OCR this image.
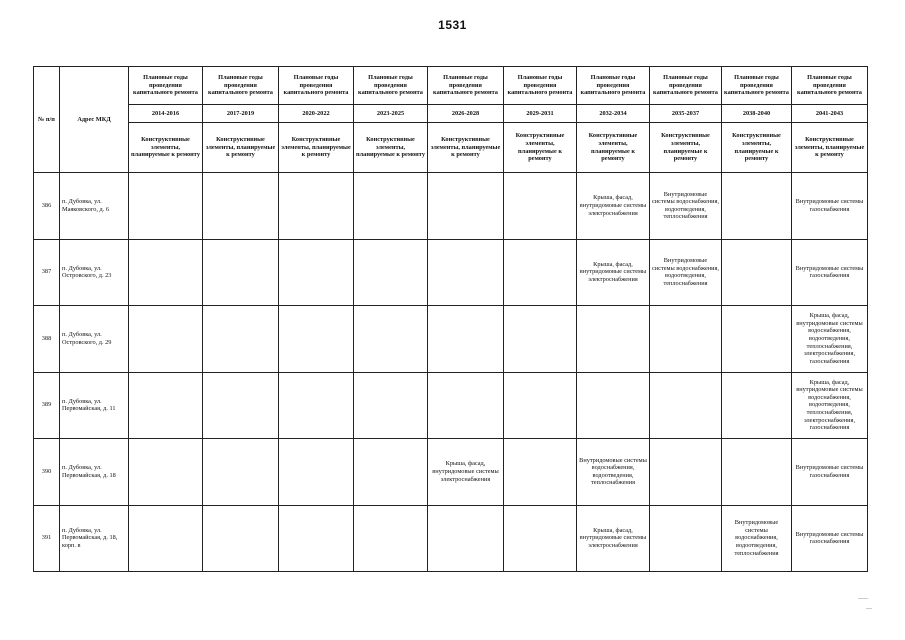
1531
№ п/п	Адрес МКД	Плановые годы проведения капитального ремонта	Плановые годы проведения капитального ремонта	Плановые годы проведения капитального ремонта	Плановые годы проведения капитального ремонта	Плановые годы проведения капитального ремонта	Плановые годы проведения капитального ремонта	Плановые годы проведения капитального ремонта	Плановые годы проведения капитального ремонта	Плановые годы проведения капитального ремонта	Плановые годы проведения капитального ремонта
		2014-2016	2017-2019	2020-2022	2023-2025	2026-2028	2029-2031	2032-2034	2035-2037	2038-2040	2041-2043
		Конструктивные элементы, планируемые к ремонту	Конструктивные элементы, планируемые к ремонту	Конструктивные элементы, планируемые к ремонту	Конструктивные элементы, планируемые к ремонту	Конструктивные элементы, планируемые к ремонту	Конструктивные элементы, планируемые к ремонту	Конструктивные элементы, планируемые к ремонту	Конструктивные элементы, планируемые к ремонту	Конструктивные элементы, планируемые к ремонту	Конструктивные элементы, планируемые к ремонту
386	п. Дубовка, ул. Маяковского, д. 6							Крыша, фасад, внутридомовые системы электроснабжения	Внутридомовые системы водоснабжения, водоотведения, теплоснабжения		Внутридомовые системы газоснабжения
387	п. Дубовка, ул. Островского, д. 23							Крыша, фасад, внутридомовые системы электроснабжения	Внутридомовые системы водоснабжения, водоотведения, теплоснабжения		Внутридомовые системы газоснабжения
388	п. Дубовка, ул. Островского, д. 29										Крыша, фасад, внутридомовые системы водоснабжения, водоотведения, теплоснабжения, электроснабжения, газоснабжения
389	п. Дубовка, ул. Первомайская, д. 11										Крыша, фасад, внутридомовые системы водоснабжения, водоотведения, теплоснабжения, электроснабжения, газоснабжения
390	п. Дубовка, ул. Первомайская, д. 18					Крыша, фасад, внутридомовые системы электроснабжения		Внутридомовые системы водоснабжения, водоотведения, теплоснабжения			Внутридомовые системы газоснабжения
391	п. Дубовка, ул. Первомайская, д. 18, корп. в							Крыша, фасад, внутридомовые системы электроснабжения		Внутридомовые системы водоснабжения, водоотведения, теплоснабжения	Внутридомовые системы газоснабжения
